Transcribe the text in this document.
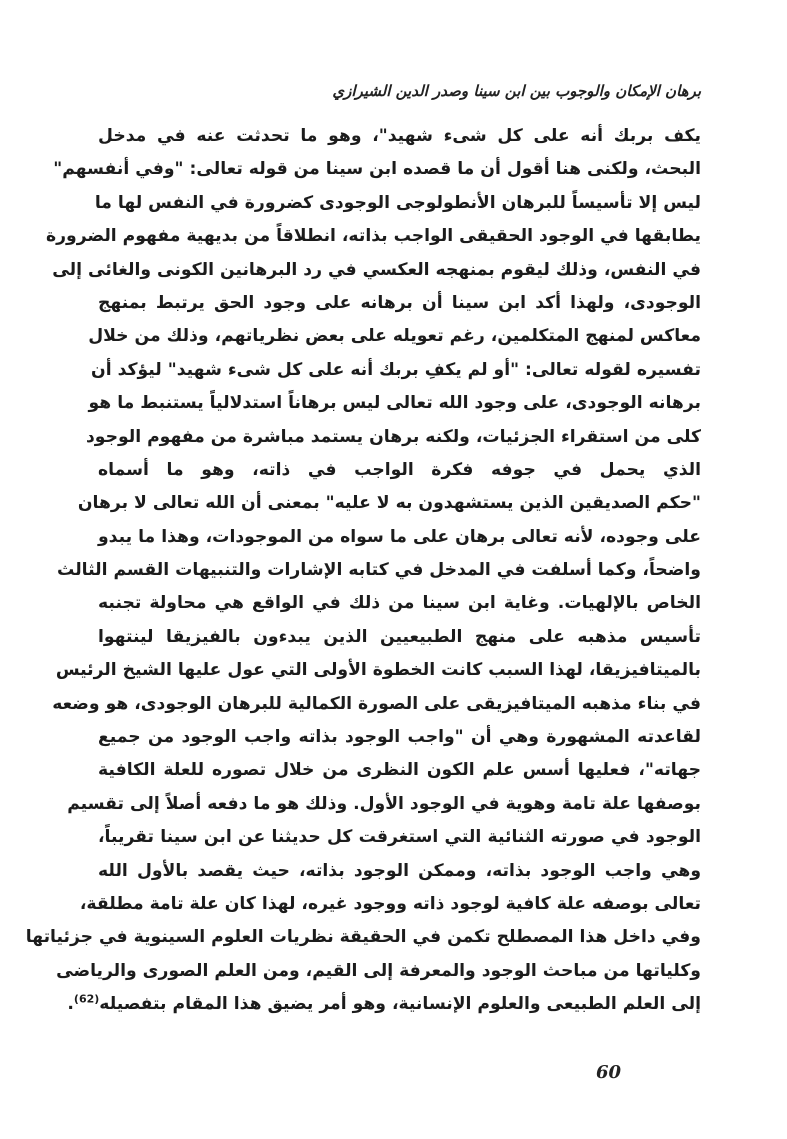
برهان الإمكان والوجوب بين ابن سينا وصدر الدين الشيرازي
يكف بربك أنه على كل شىء شهيد"، وهو ما تحدثت عنه في مدخل
البحث، ولكنى هنا أقول أن ما قصده ابن سينا من قوله تعالى: "وفي أنفسهم"
ليس إلا تأسيساً للبرهان الأنطولوجى الوجودى كضرورة في النفس لها ما
يطابقها في الوجود الحقيقى الواجب بذاته، انطلاقاً من بديهية مفهوم الضرورة
في النفس، وذلك ليقوم بمنهجه العكسي في رد البرهانين الكونى والغائى إلى
الوجودى، ولهذا أكد ابن سينا أن برهانه على وجود الحق يرتبط بمنهج
معاكس لمنهج المتكلمين، رغم تعويله على بعض نظرياتهم، وذلك من خلال
تفسيره لقوله تعالى: "أو لم يكفِ بربك أنه على كل شىء شهيد" ليؤكد أن
برهانه الوجودى، على وجود الله تعالى ليس برهاناً استدلالياً يستنبط ما هو
كلى من استقراء الجزئيات، ولكنه برهان يستمد مباشرة من مفهوم الوجود
الذي يحمل في جوفه فكرة الواجب في ذاته، وهو ما أسماه
"حكم الصديقين الذين يستشهدون به لا عليه" بمعنى أن الله تعالى لا برهان
على وجوده، لأنه تعالى برهان على ما سواه من الموجودات، وهذا ما يبدو
واضحاً، وكما أسلفت في المدخل في كتابه الإشارات والتنبيهات القسم الثالث
الخاص بالإلهيات. وغاية ابن سينا من ذلك في الواقع هي محاولة تجنبه
تأسيس مذهبه على منهج الطبيعيين الذين يبدءون بالفيزيقا لينتهوا
بالميتافيزيقا، لهذا السبب كانت الخطوة الأولى التي عول عليها الشيخ الرئيس
في بناء مذهبه الميتافيزيقى على الصورة الكمالية للبرهان الوجودى، هو وضعه
لقاعدته المشهورة وهي أن "واجب الوجود بذاته واجب الوجود من جميع
جهاته"، فعليها أسس علم الكون النظرى من خلال تصوره للعلة الكافية
بوصفها علة تامة وهوية في الوجود الأول. وذلك هو ما دفعه أصلاً إلى تقسيم
الوجود في صورته الثنائية التي استغرقت كل حديثنا عن ابن سينا تقريباً،
وهي واجب الوجود بذاته، وممكن الوجود بذاته، حيث يقصد بالأول الله
تعالى بوصفه علة كافية لوجود ذاته ووجود غيره، لهذا كان علة تامة مطلقة،
وفي داخل هذا المصطلح تكمن في الحقيقة نظريات العلوم السينوية في جزئياتها
وكلياتها من مباحث الوجود والمعرفة إلى القيم، ومن العلم الصورى والرياضى
إلى العلم الطبيعى والعلوم الإنسانية، وهو أمر يضيق هذا المقام بتفصيله$^{(62)}$.
60
